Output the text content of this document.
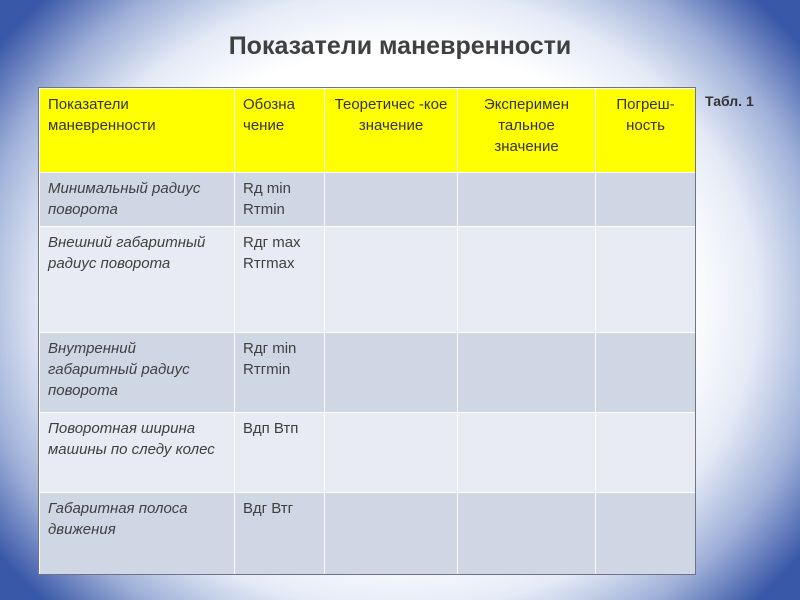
Показатели маневренности
Табл. 1
Показатели маневренности	Обозна чение	Теоретичес -кое значение	Эксперимен тальное значение	Погреш- ность
Минимальный радиус поворота	Rд min Rтmin			
Внешний габаритный радиус поворота	Rдг max Rтгmax			
Внутренний габаритный радиус поворота	Rдг min Rтгmin			
Поворотная ширина машины по следу колес	Вдп Втп			
Габаритная полоса движения	Вдг Втг			
